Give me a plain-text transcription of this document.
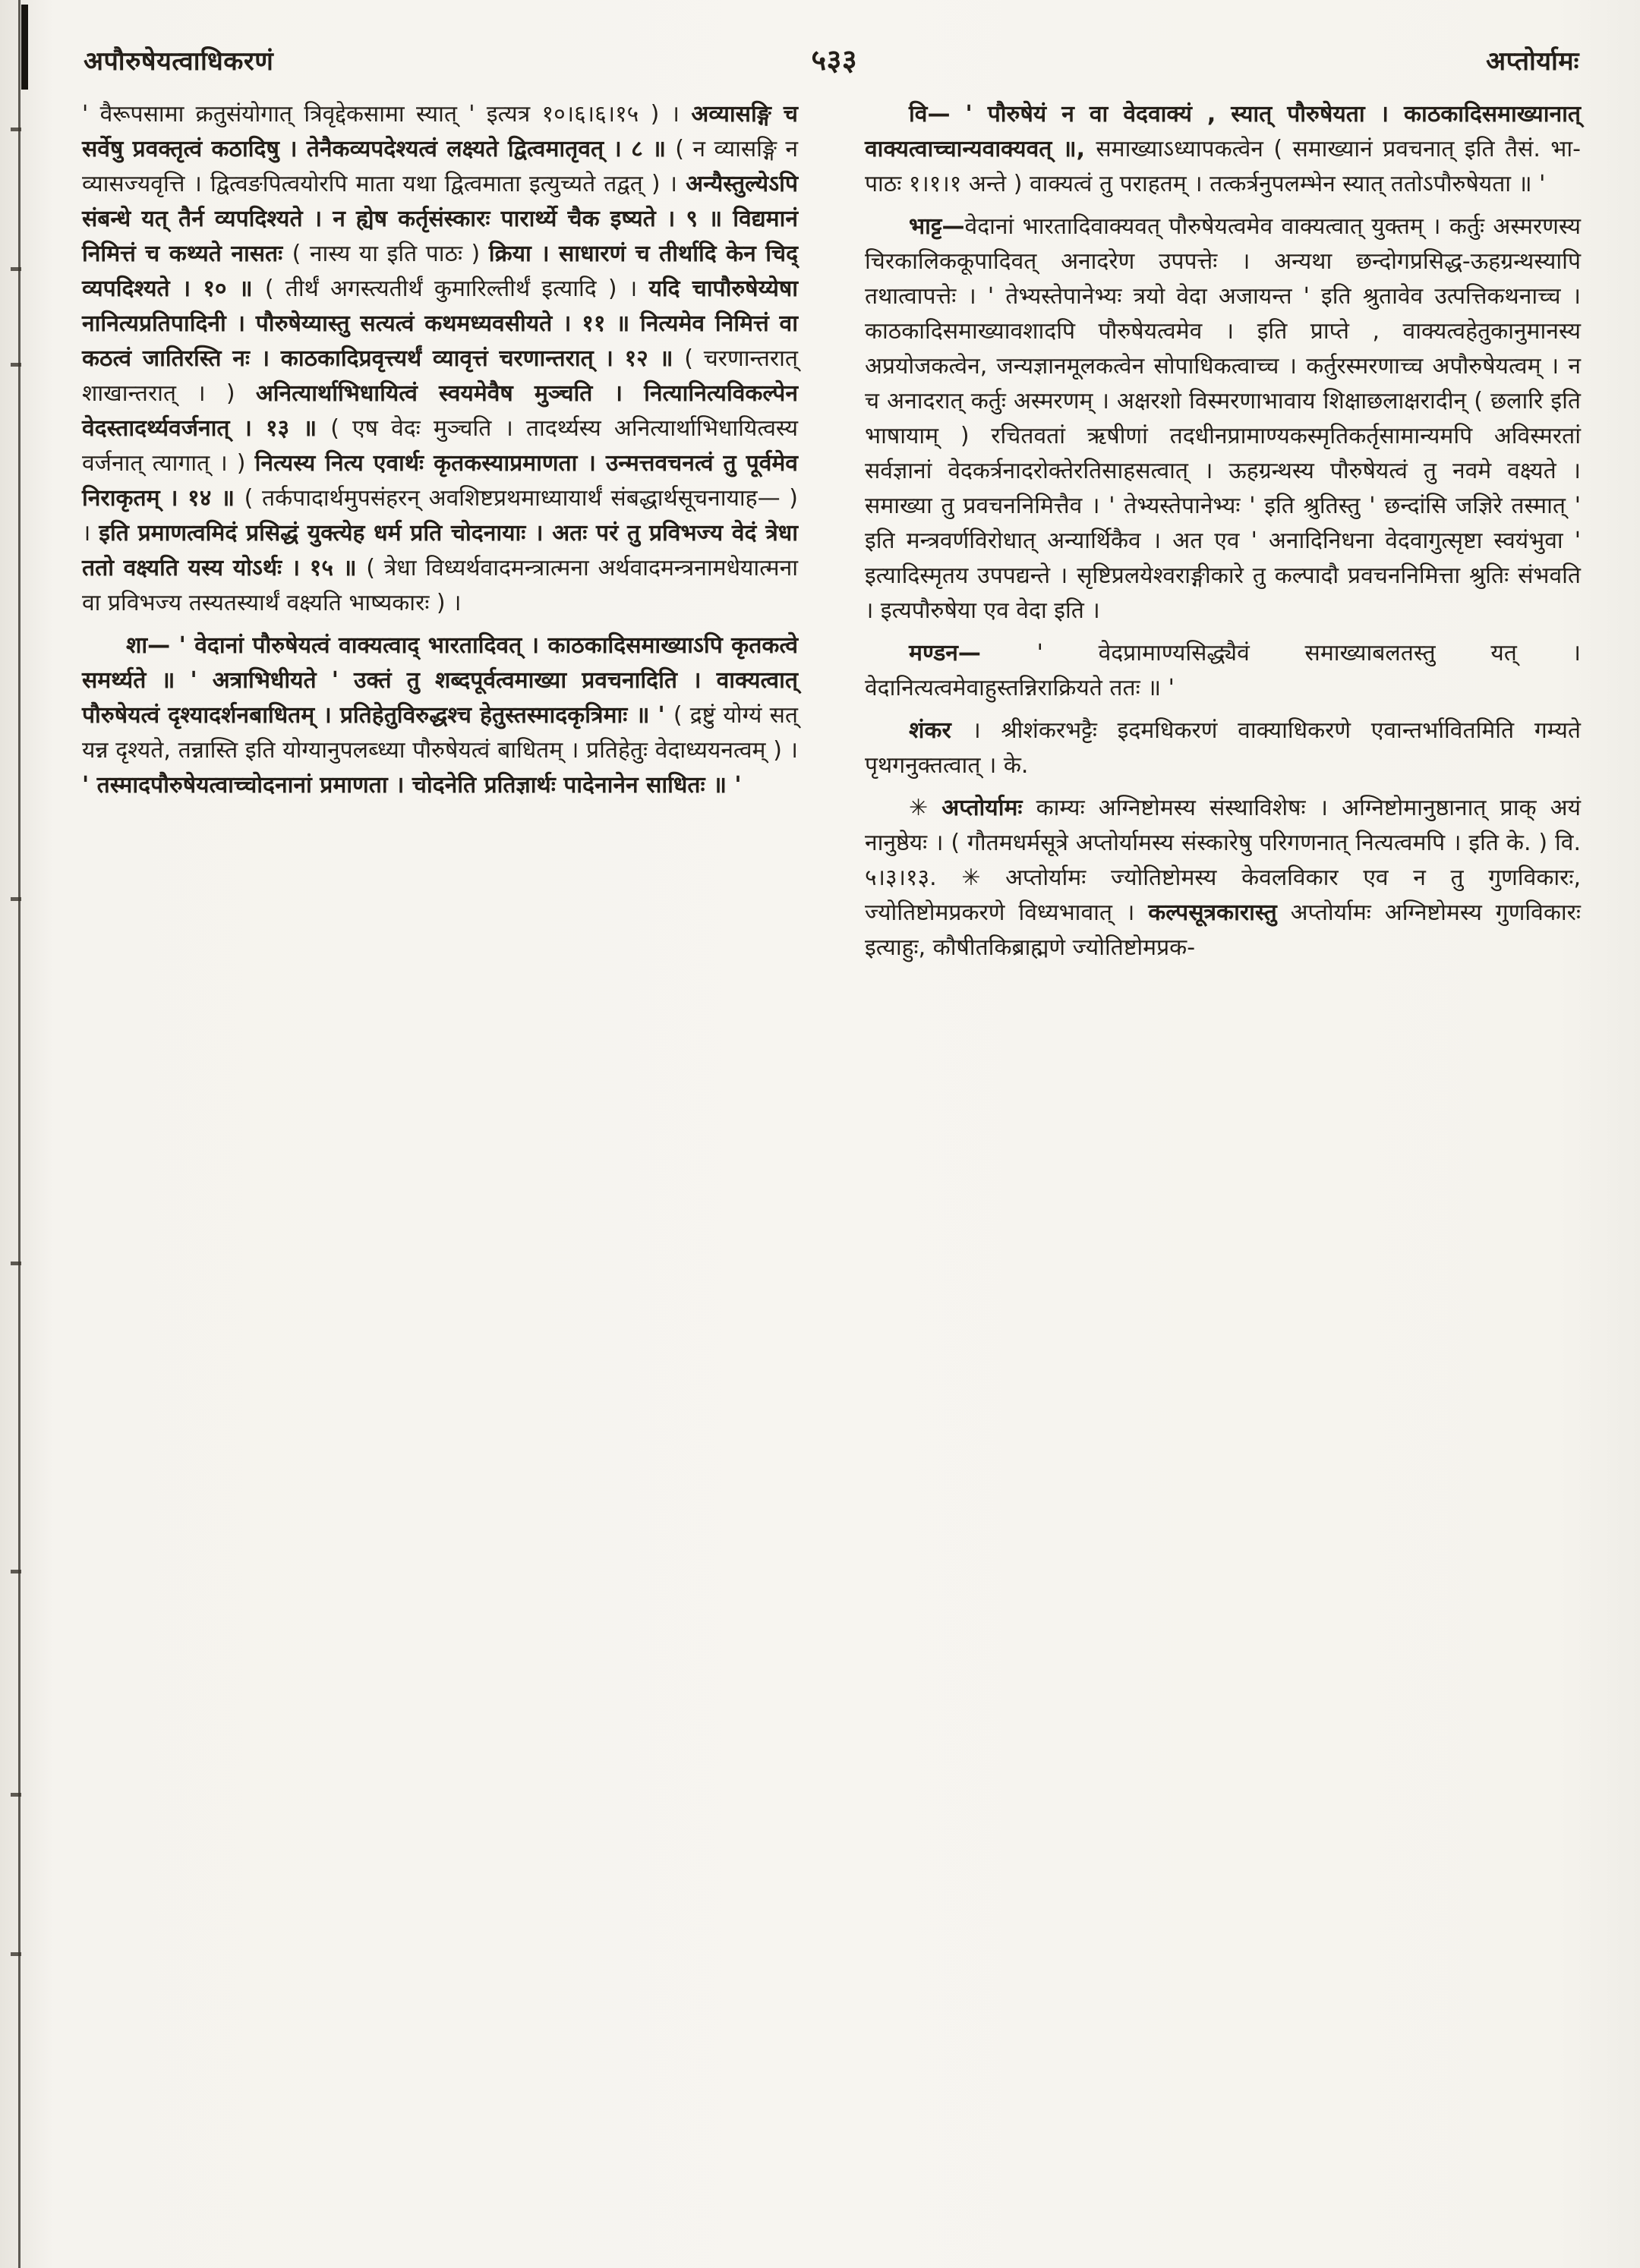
अपौरुषेयत्वाधिकरणं	५३३	अप्तोर्यामः

' वैरूपसामा क्रतुसंयोगात् त्रिवृद्देकसामा स्यात् ' इत्यत्र १०।६।६।१५ ) । अव्यासङ्गि च सर्वेषु प्रवक्तृत्वं कठादिषु । तेनैकव्यपदेश्यत्वं लक्ष्यते द्वित्वमातृवत् । ८ ॥ ( न व्यासङ्गि न व्यासज्यवृत्ति । द्वित्वङपित्वयोरपि माता यथा द्वित्वमाता इत्युच्यते तद्वत् ) । अन्यैस्तुल्येऽपि संबन्धे यत् तैर्न व्यपदिश्यते । न ह्येष कर्तृसंस्कारः पारार्थ्ये चैक इष्यते । ९ ॥ विद्यमानं निमित्तं च कथ्यते नासतः ( नास्य या इति पाठः ) क्रिया । साधारणं च तीर्थादि केन चिद् व्यपदिश्यते । १० ॥ ( तीर्थं अगस्त्यतीर्थं कुमारिल्तीर्थं इत्यादि ) । यदि चापौरुषेय्येषा नानित्यप्रतिपादिनी । पौरुषेय्यास्तु सत्यत्वं कथमध्यवसीयते । ११ ॥ नित्यमेव निमित्तं वा कठत्वं जातिरस्ति नः । काठकादिप्रवृत्त्यर्थं व्यावृत्तं चरणान्तरात् । १२ ॥ ( चरणान्तरात् शाखान्तरात् । ) अनित्यार्थाभिधायित्वं स्वयमेवैष मुञ्चति । नित्यानित्यविकल्पेन वेदस्तादर्थ्यवर्जनात् । १३ ॥ ( एष वेदः मुञ्चति । तादर्थ्यस्य अनित्यार्थाभिधायित्वस्य वर्जनात् त्यागात् । ) नित्यस्य नित्य एवार्थः कृतकस्याप्रमाणता । उन्मत्तवचनत्वं तु पूर्वमेव निराकृतम् । १४ ॥ ( तर्कपादार्थमुपसंहरन् अवशिष्टप्रथमाध्यायार्थं संबद्धार्थसूचनायाह— ) । इति प्रमाणत्वमिदं प्रसिद्धं युक्त्येह धर्म प्रति चोदनायाः । अतः परं तु प्रविभज्य वेदं त्रेधा ततो वक्ष्यति यस्य योऽर्थः । १५ ॥ ( त्रेधा विध्यर्थवादमन्त्रात्मना अर्थवादमन्त्रनामधेयात्मना वा प्रविभज्य तस्यतस्यार्थं वक्ष्यति भाष्यकारः ) ।

शा— ' वेदानां पौरुषेयत्वं वाक्यत्वाद् भारतादिवत् । काठकादिसमाख्याऽपि कृतकत्वे समर्थ्यते ॥ ' अत्राभिधीयते ' उक्तं तु शब्दपूर्वत्वमाख्या प्रवचनादिति । वाक्यत्वात् पौरुषेयत्वं दृश्यादर्शनबाधितम् । प्रतिहेतुविरुद्धश्च हेतुस्तस्मादकृत्रिमाः ॥ ' ( द्रष्टुं योग्यं सत् यन्न दृश्यते, तन्नास्ति इति योग्यानुपलब्ध्या पौरुषेयत्वं बाधितम् । प्रतिहेतुः वेदाध्ययनत्वम् ) । ' तस्मादपौरुषेयत्वाच्चोदनानां प्रमाणता । चोदनेति प्रतिज्ञार्थः पादेनानेन साधितः ॥ '

वि— ' पौरुषेयं न वा वेदवाक्यं , स्यात् पौरुषेयता । काठकादिसमाख्यानात् वाक्यत्वाच्चान्यवाक्यवत् ॥, समाख्याऽध्यापकत्वेन ( समाख्यानं प्रवचनात् इति तैसं. भा-पाठः १।१।१ अन्ते ) वाक्यत्वं तु पराहतम् । तत्कर्त्रनुपलम्भेन स्यात् ततोऽपौरुषेयता ॥ '

भाट्ट—वेदानां भारतादिवाक्यवत् पौरुषेयत्वमेव वाक्यत्वात् युक्तम् । कर्तुः अस्मरणस्य चिरकालिककूपादिवत् अनादरेण उपपत्तेः । अन्यथा छन्दोगप्रसिद्ध-ऊहग्रन्थस्यापि तथात्वापत्तेः । ' तेभ्यस्तेपानेभ्यः त्रयो वेदा अजायन्त ' इति श्रुतावेव उत्पत्तिकथनाच्च । काठकादिसमाख्यावशादपि पौरुषेयत्वमेव । इति प्राप्ते , वाक्यत्वहेतुकानुमानस्य अप्रयोजकत्वेन, जन्यज्ञानमूलकत्वेन सोपाधिकत्वाच्च । कर्तुरस्मरणाच्च अपौरुषेयत्वम् । न च अनादरात् कर्तुः अस्मरणम् । अक्षरशो विस्मरणाभावाय शिक्षाछलाक्षरादीन् ( छलारि इति भाषायाम् ) रचितवतां ऋषीणां तदधीनप्रामाण्यकस्मृतिकर्तृसामान्यमपि अविस्मरतां सर्वज्ञानां वेदकर्त्रनादरोक्तेरतिसाहसत्वात् । ऊहग्रन्थस्य पौरुषेयत्वं तु नवमे वक्ष्यते । समाख्या तु प्रवचननिमित्तैव । ' तेभ्यस्तेपानेभ्यः ' इति श्रुतिस्तु ' छन्दांसि जज्ञिरे तस्मात् ' इति मन्त्रवर्णविरोधात् अन्यार्थिकैव । अत एव ' अनादिनिधना वेदवागुत्सृष्टा स्वयंभुवा ' इत्यादिस्मृतय उपपद्यन्ते । सृष्टिप्रलयेश्वराङ्गीकारे तु कल्पादौ प्रवचननिमित्ता श्रुतिः संभवति । इत्यपौरुषेया एव वेदा इति ।

मण्डन— ' वेदप्रामाण्यसिद्ध्यैवं समाख्याबलतस्तु यत् । वेदानित्यत्वमेवाहुस्तन्निराक्रियते ततः ॥ '

शंकर । श्रीशंकरभट्टैः इदमधिकरणं वाक्याधिकरणे एवान्तर्भावितमिति गम्यते पृथगनुक्तत्वात् । के.

✳ अप्तोर्यामः काम्यः अग्निष्टोमस्य संस्थाविशेषः । अग्निष्टोमानुष्ठानात् प्राक् अयं नानुष्ठेयः । ( गौतमधर्मसूत्रे अप्तोर्यामस्य संस्कारेषु परिगणनात् नित्यत्वमपि । इति के. ) वि. ५।३।१३. ✳ अप्तोर्यामः ज्योतिष्टोमस्य केवलविकार एव न तु गुणविकारः, ज्योतिष्टोमप्रकरणे विध्यभावात् । कल्पसूत्रकारास्तु अप्तोर्यामः अग्निष्टोमस्य गुणविकारः इत्याहुः, कौषीतकिब्राह्मणे ज्योतिष्टोमप्रक-
